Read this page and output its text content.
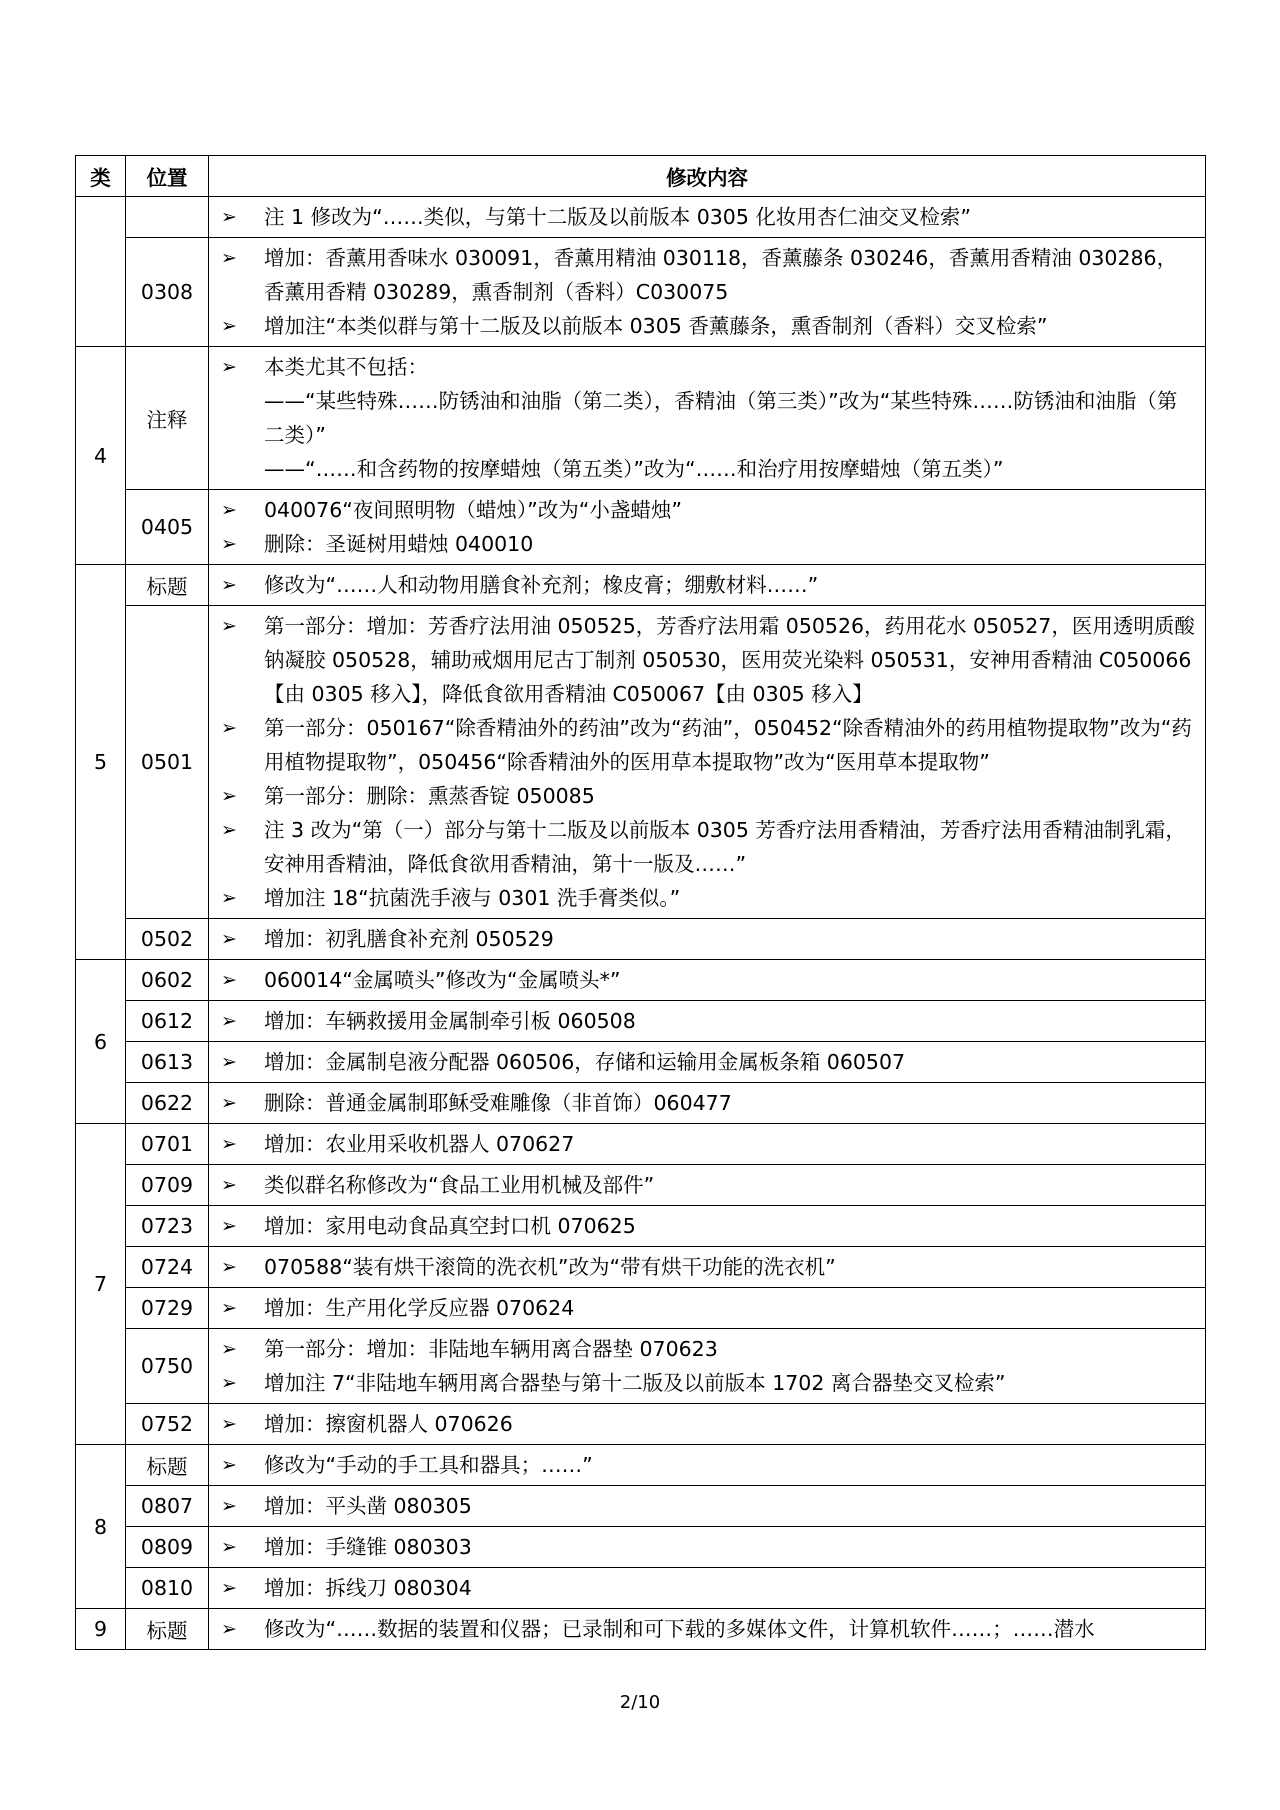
类	位置	修改内容

		➢ 注 1 修改为“……类似，与第十二版及以前版本 0305 化妆用杏仁油交叉检索”

	0308	➢ 增加：香薰用香味水 030091，香薰用精油 030118，香薰藤条 030246，香薰用香精油 030286，香薰用香精 030289，熏香制剂（香料）C030075
➢ 增加注“本类似群与第十二版及以前版本 0305 香薰藤条，熏香制剂（香料）交叉检索”

4	注释	➢ 本类尤其不包括：
——“某些特殊……防锈油和油脂（第二类），香精油（第三类）”改为“某些特殊……防锈油和油脂（第二类）”
——“……和含药物的按摩蜡烛（第五类）”改为“……和治疗用按摩蜡烛（第五类）”

	0405	➢ 040076“夜间照明物（蜡烛）”改为“小盏蜡烛”
➢ 删除：圣诞树用蜡烛 040010

5	标题	➢ 修改为“……人和动物用膳食补充剂；橡皮膏；绷敷材料……”

	0501	➢ 第一部分：增加：芳香疗法用油 050525，芳香疗法用霜 050526，药用花水 050527，医用透明质酸钠凝胶 050528，辅助戒烟用尼古丁制剂 050530，医用荧光染料 050531，安神用香精油 C050066【由 0305 移入】，降低食欲用香精油 C050067【由 0305 移入】
➢ 第一部分：050167“除香精油外的药油”改为“药油”，050452“除香精油外的药用植物提取物”改为“药用植物提取物”，050456“除香精油外的医用草本提取物”改为“医用草本提取物”
➢ 第一部分：删除：熏蒸香锭 050085
➢ 注 3 改为“第（一）部分与第十二版及以前版本 0305 芳香疗法用香精油，芳香疗法用香精油制乳霜，安神用香精油，降低食欲用香精油，第十一版及……”
➢ 增加注 18“抗菌洗手液与 0301 洗手膏类似。”

	0502	➢ 增加：初乳膳食补充剂 050529

6	0602	➢ 060014“金属喷头”修改为“金属喷头*”

	0612	➢ 增加：车辆救援用金属制牵引板 060508

	0613	➢ 增加：金属制皂液分配器 060506，存储和运输用金属板条箱 060507

	0622	➢ 删除：普通金属制耶稣受难雕像（非首饰）060477

7	0701	➢ 增加：农业用采收机器人 070627

	0709	➢ 类似群名称修改为“食品工业用机械及部件”

	0723	➢ 增加：家用电动食品真空封口机 070625

	0724	➢ 070588“装有烘干滚筒的洗衣机”改为“带有烘干功能的洗衣机”

	0729	➢ 增加：生产用化学反应器 070624

	0750	➢ 第一部分：增加：非陆地车辆用离合器垫 070623
➢ 增加注 7“非陆地车辆用离合器垫与第十二版及以前版本 1702 离合器垫交叉检索”

	0752	➢ 增加：擦窗机器人 070626

8	标题	➢ 修改为“手动的手工具和器具；……”

	0807	➢ 增加：平头凿 080305

	0809	➢ 增加：手缝锥 080303

	0810	➢ 增加：拆线刀 080304

9	标题	➢ 修改为“……数据的装置和仪器；已录制和可下载的多媒体文件，计算机软件……；……潜水
2/10
